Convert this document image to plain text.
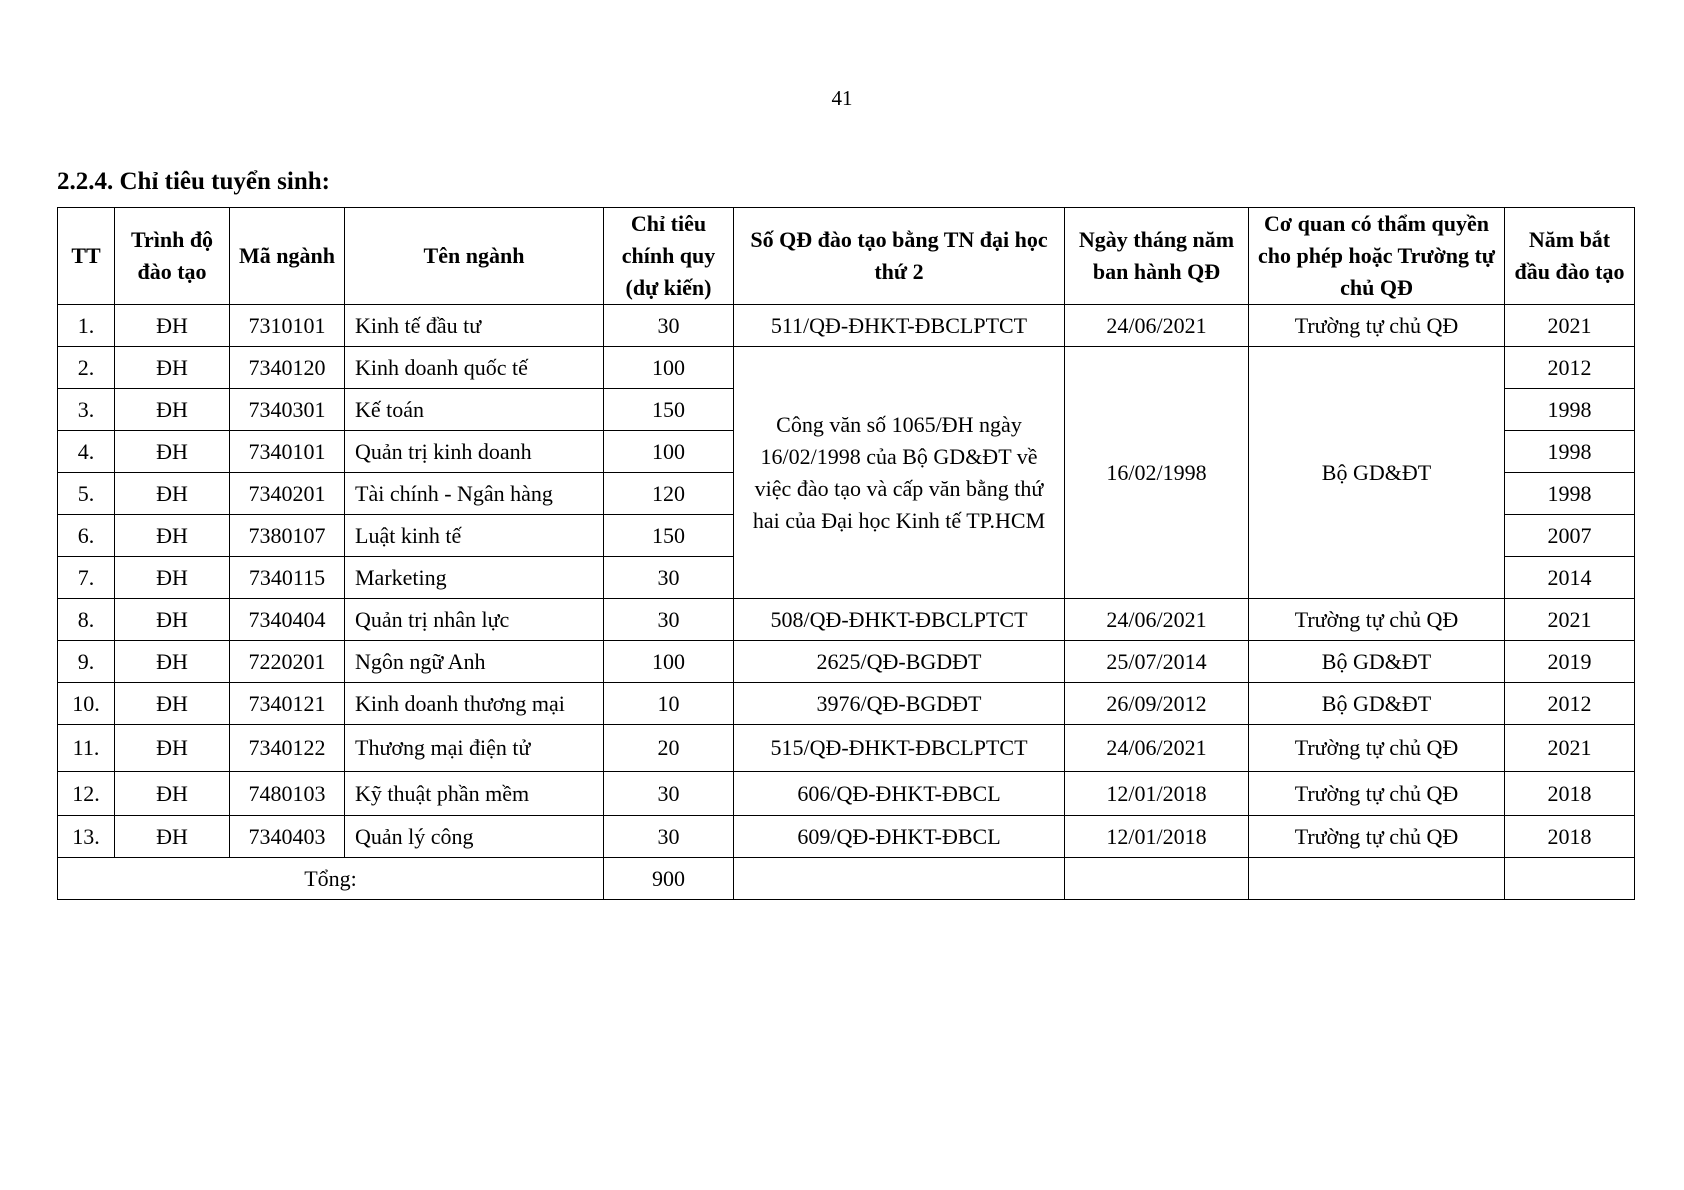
41
2.2.4. Chỉ tiêu tuyển sinh:
TT	Trình độ đào tạo	Mã ngành	Tên ngành	Chỉ tiêu chính quy (dự kiến)	Số QĐ đào tạo bằng TN đại học thứ 2	Ngày tháng năm ban hành QĐ	Cơ quan có thẩm quyền cho phép hoặc Trường tự chủ QĐ	Năm bắt đầu đào tạo
1.	ĐH	7310101	Kinh tế đầu tư	30	511/QĐ-ĐHKT-ĐBCLPTCT	24/06/2021	Trường tự chủ QĐ	2021
2.	ĐH	7340120	Kinh doanh quốc tế	100	Công văn số 1065/ĐH ngày 16/02/1998 của Bộ GD&ĐT về việc đào tạo và cấp văn bằng thứ hai của Đại học Kinh tế TP.HCM	16/02/1998	Bộ GD&ĐT	2012
3.	ĐH	7340301	Kế toán	150				1998
4.	ĐH	7340101	Quản trị kinh doanh	100				1998
5.	ĐH	7340201	Tài chính - Ngân hàng	120				1998
6.	ĐH	7380107	Luật kinh tế	150				2007
7.	ĐH	7340115	Marketing	30				2014
8.	ĐH	7340404	Quản trị nhân lực	30	508/QĐ-ĐHKT-ĐBCLPTCT	24/06/2021	Trường tự chủ QĐ	2021
9.	ĐH	7220201	Ngôn ngữ Anh	100	2625/QĐ-BGDĐT	25/07/2014	Bộ GD&ĐT	2019
10.	ĐH	7340121	Kinh doanh thương mại	10	3976/QĐ-BGDĐT	26/09/2012	Bộ GD&ĐT	2012
11.	ĐH	7340122	Thương mại điện tử	20	515/QĐ-ĐHKT-ĐBCLPTCT	24/06/2021	Trường tự chủ QĐ	2021
12.	ĐH	7480103	Kỹ thuật phần mềm	30	606/QĐ-ĐHKT-ĐBCL	12/01/2018	Trường tự chủ QĐ	2018
13.	ĐH	7340403	Quản lý công	30	609/QĐ-ĐHKT-ĐBCL	12/01/2018	Trường tự chủ QĐ	2018
Tổng:				900				
